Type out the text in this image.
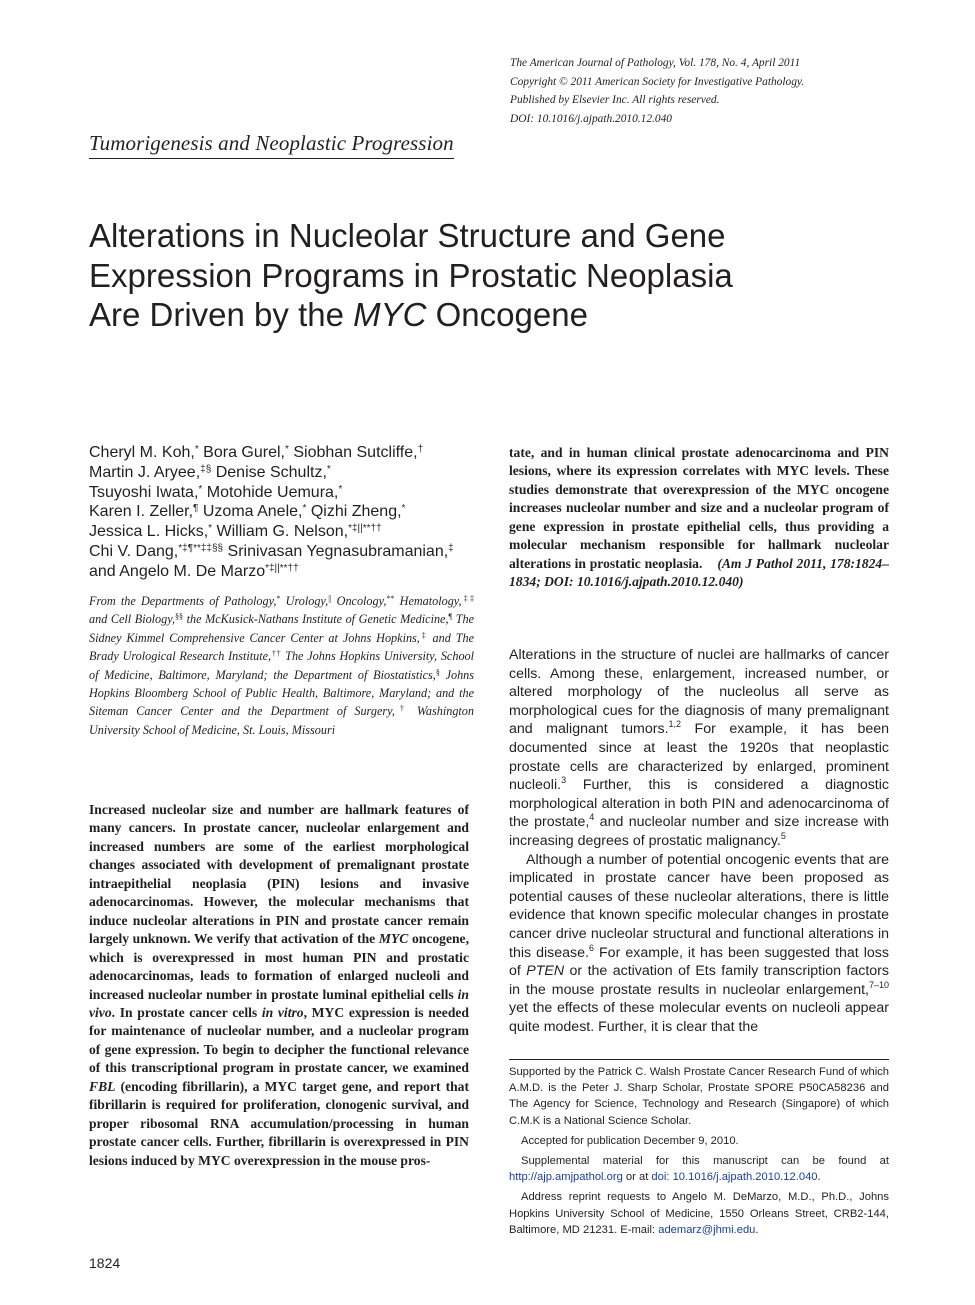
The American Journal of Pathology, Vol. 178, No. 4, April 2011
Copyright © 2011 American Society for Investigative Pathology.
Published by Elsevier Inc. All rights reserved.
DOI: 10.1016/j.ajpath.2010.12.040
Tumorigenesis and Neoplastic Progression
Alterations in Nucleolar Structure and Gene
Expression Programs in Prostatic Neoplasia
Are Driven by the MYC Oncogene
Cheryl M. Koh,* Bora Gurel,* Siobhan Sutcliffe,†
Martin J. Aryee,‡§ Denise Schultz,*
Tsuyoshi Iwata,* Motohide Uemura,*
Karen I. Zeller,¶ Uzoma Anele,* Qizhi Zheng,*
Jessica L. Hicks,* William G. Nelson,*‡||**††
Chi V. Dang,*‡¶**‡‡§§ Srinivasan Yegnasubramanian,‡
and Angelo M. De Marzo*‡||**††
From the Departments of Pathology,* Urology,|| Oncology,** Hematology,‡‡ and Cell Biology,§§ the McKusick-Nathans Institute of Genetic Medicine,¶ The Sidney Kimmel Comprehensive Cancer Center at Johns Hopkins,‡ and The Brady Urological Research Institute,†† The Johns Hopkins University, School of Medicine, Baltimore, Maryland; the Department of Biostatistics,§ Johns Hopkins Bloomberg School of Public Health, Baltimore, Maryland; and the Siteman Cancer Center and the Department of Surgery,† Washington University School of Medicine, St. Louis, Missouri
Increased nucleolar size and number are hallmark features of many cancers. In prostate cancer, nucleolar enlargement and increased numbers are some of the earliest morphological changes associated with development of premalignant prostate intraepithelial neoplasia (PIN) lesions and invasive adenocarcinomas. However, the molecular mechanisms that induce nucleolar alterations in PIN and prostate cancer remain largely unknown. We verify that activation of the MYC oncogene, which is overexpressed in most human PIN and prostatic adenocarcinomas, leads to formation of enlarged nucleoli and increased nucleolar number in prostate luminal epithelial cells in vivo. In prostate cancer cells in vitro, MYC expression is needed for maintenance of nucleolar number, and a nucleolar program of gene expression. To begin to decipher the functional relevance of this transcriptional program in prostate cancer, we examined FBL (encoding fibrillarin), a MYC target gene, and report that fibrillarin is required for proliferation, clonogenic survival, and proper ribosomal RNA accumulation/processing in human prostate cancer cells. Further, fibrillarin is overexpressed in PIN lesions induced by MYC overexpression in the mouse pros-
tate, and in human clinical prostate adenocarcinoma and PIN lesions, where its expression correlates with MYC levels. These studies demonstrate that overexpression of the MYC oncogene increases nucleolar number and size and a nucleolar program of gene expression in prostate epithelial cells, thus providing a molecular mechanism responsible for hallmark nucleolar alterations in prostatic neoplasia. (Am J Pathol 2011, 178:1824–1834; DOI: 10.1016/j.ajpath.2010.12.040)

Alterations in the structure of nuclei are hallmarks of cancer cells. Among these, enlargement, increased number, or altered morphology of the nucleolus all serve as morphological cues for the diagnosis of many premalignant and malignant tumors.$^{1,2}$ For example, it has been documented since at least the 1920s that neoplastic prostate cells are characterized by enlarged, prominent nucleoli.$^3$ Further, this is considered a diagnostic morphological alteration in both PIN and adenocarcinoma of the prostate,$^4$ and nucleolar number and size increase with increasing degrees of prostatic malignancy.$^5$

Although a number of potential oncogenic events that are implicated in prostate cancer have been proposed as potential causes of these nucleolar alterations, there is little evidence that known specific molecular changes in prostate cancer drive nucleolar structural and functional alterations in this disease.$^6$ For example, it has been suggested that loss of PTEN or the activation of Ets family transcription factors in the mouse prostate results in nucleolar enlargement,$^{7-10}$ yet the effects of these molecular events on nucleoli appear quite modest. Further, it is clear that the

Supported by the Patrick C. Walsh Prostate Cancer Research Fund of which A.M.D. is the Peter J. Sharp Scholar, Prostate SPORE P50CA58236 and The Agency for Science, Technology and Research (Singapore) of which C.M.K is a National Science Scholar.

Accepted for publication December 9, 2010.

Supplemental material for this manuscript can be found at http://ajp.amjpathol.org or at doi: 10.1016/j.ajpath.2010.12.040.

Address reprint requests to Angelo M. DeMarzo, M.D., Ph.D., Johns Hopkins University School of Medicine, 1550 Orleans Street, CRB2-144, Baltimore, MD 21231. E-mail: ademarz@jhmi.edu.

1824
